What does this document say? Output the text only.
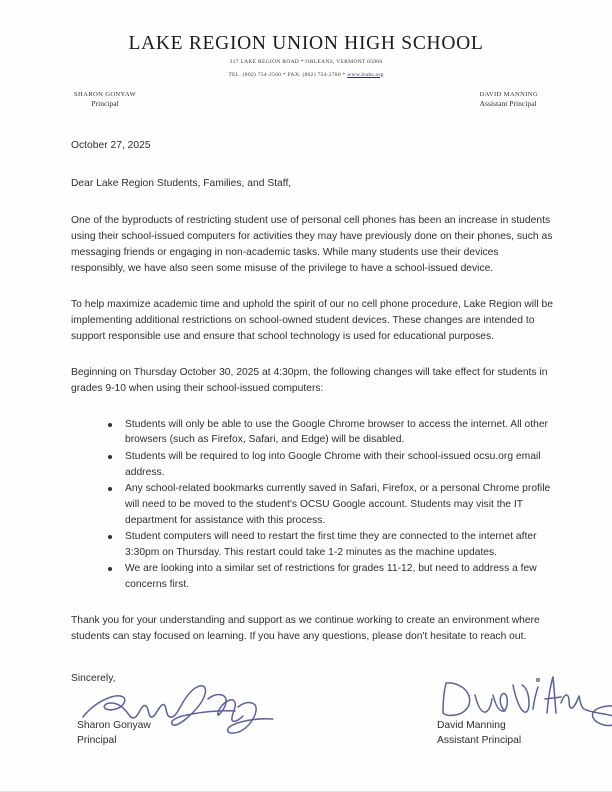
LAKE REGION UNION HIGH SCHOOL
317 LAKE REGION ROAD * ORLEANS, VERMONT 05860
TEL. (802) 754-2500 * FAX: (802) 754-2780 * www.lruhs.org
SHARON GONYAW
Principal
DAVID MANNING
Assistant Principal
October 27, 2025
Dear Lake Region Students, Families, and Staff,

One of the byproducts of restricting student use of personal cell phones has been an increase in students using their school-issued computers for activities they may have previously done on their phones, such as messaging friends or engaging in non-academic tasks. While many students use their devices responsibly, we have also seen some misuse of the privilege to have a school-issued device.

To help maximize academic time and uphold the spirit of our no cell phone procedure, Lake Region will be implementing additional restrictions on school-owned student devices. These changes are intended to support responsible use and ensure that school technology is used for educational purposes.

Beginning on Thursday October 30, 2025 at 4:30pm, the following changes will take effect for students in grades 9-10 when using their school-issued computers:

Students will only be able to use the Google Chrome browser to access the internet. All other browsers (such as Firefox, Safari, and Edge) will be disabled.
Students will be required to log into Google Chrome with their school-issued ocsu.org email address.
Any school-related bookmarks currently saved in Safari, Firefox, or a personal Chrome profile will need to be moved to the student's OCSU Google account. Students may visit the IT department for assistance with this process.
Student computers will need to restart the first time they are connected to the internet after 3:30pm on Thursday. This restart could take 1-2 minutes as the machine updates.
We are looking into a similar set of restrictions for grades 11-12, but need to address a few concerns first.

Thank you for your understanding and support as we continue working to create an environment where students can stay focused on learning. If you have any questions, please don't hesitate to reach out.

Sincerely,

Sharon Gonyaw
Principal
David Manning
Assistant Principal
